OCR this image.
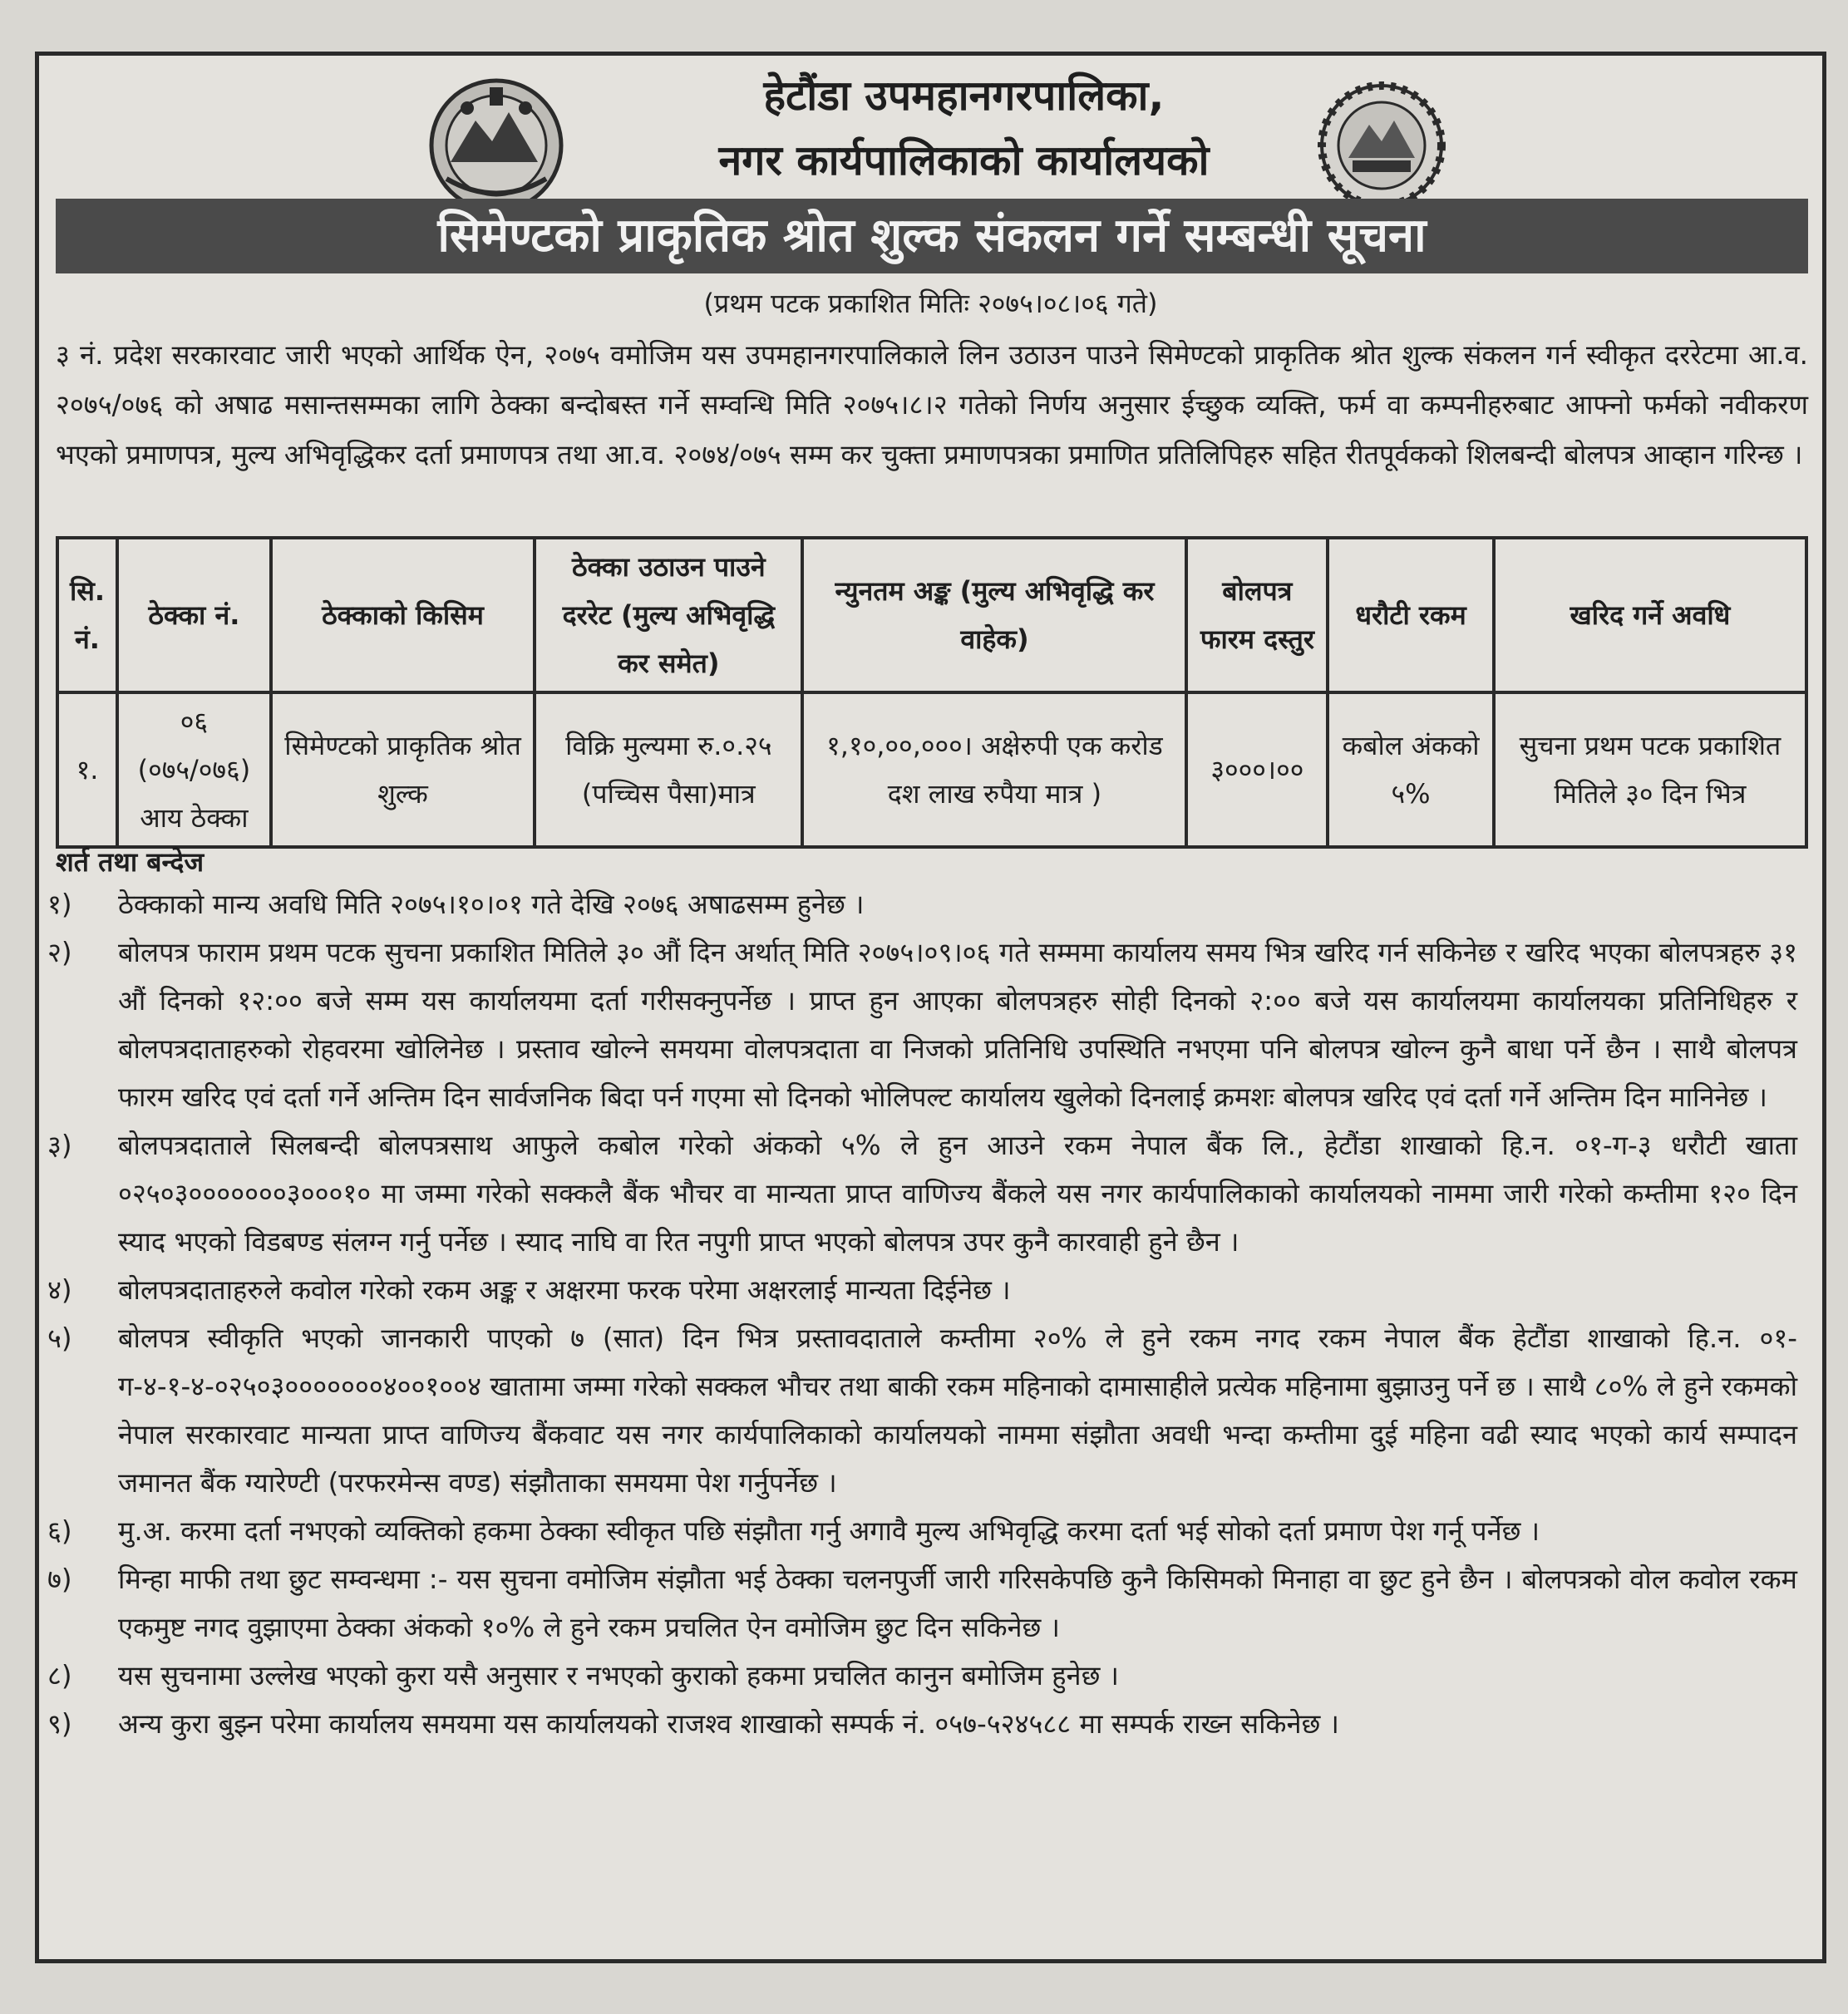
हेटौंडा उपमहानगरपालिका,
नगर कार्यपालिकाको कार्यालयको
सिमेण्टको प्राकृतिक श्रोत शुल्क संकलन गर्ने सम्बन्धी सूचना
(प्रथम पटक प्रकाशित मितिः २०७५।०८।०६ गते)
३ नं. प्रदेश सरकारवाट जारी भएको आर्थिक ऐन, २०७५ वमोजिम यस उपमहानगरपालिकाले लिन उठाउन पाउने सिमेण्टको प्राकृतिक श्रोत शुल्क संकलन गर्न स्वीकृत दररेटमा आ.व. २०७५/०७६ को अषाढ मसान्तसम्मका लागि ठेक्का बन्दोबस्त गर्ने सम्वन्धि मिति २०७५।८।२ गतेको निर्णय अनुसार ईच्छुक व्यक्ति, फर्म वा कम्पनीहरुबाट आफ्नो फर्मको नवीकरण भएको प्रमाणपत्र, मुल्य अभिवृद्धिकर दर्ता प्रमाणपत्र तथा आ.व. २०७४/०७५ सम्म कर चुक्ता प्रमाणपत्रका प्रमाणित प्रतिलिपिहरु सहित रीतपूर्वकको शिलबन्दी बोलपत्र आव्हान गरिन्छ ।
सि. नं.	ठेक्का नं.	ठेक्काको किसिम	ठेक्का उठाउन पाउने दररेट (मुल्य अभिवृद्धि कर समेत)	न्युनतम अङ्क (मुल्य अभिवृद्धि कर वाहेक)	बोलपत्र फारम दस्तुर	धरौटी रकम	खरिद गर्ने अवधि
१.	०६ (०७५/०७६) आय ठेक्का	सिमेण्टको प्राकृतिक श्रोत शुल्क	विक्रि मुल्यमा रु.०.२५ (पच्चिस पैसा)मात्र	१,१०,००,०००। अक्षेरुपी एक करोड दश लाख रुपैया मात्र )	३०००।००	कबोल अंकको ५%	सुचना प्रथम पटक प्रकाशित मितिले ३० दिन भित्र
शर्त तथा बन्देज
१)	ठेक्काको मान्य अवधि मिति २०७५।१०।०१ गते देखि २०७६ अषाढसम्म हुनेछ ।
२)	बोलपत्र फाराम प्रथम पटक सुचना प्रकाशित मितिले ३० औं दिन अर्थात् मिति २०७५।०९।०६ गते सम्ममा कार्यालय समय भित्र खरिद गर्न सकिनेछ र खरिद भएका बोलपत्रहरु ३१ औं दिनको १२:०० बजे सम्म यस कार्यालयमा दर्ता गरीसक्नुपर्नेछ । प्राप्त हुन आएका बोलपत्रहरु सोही दिनको २:०० बजे यस कार्यालयमा कार्यालयका प्रतिनिधिहरु र बोलपत्रदाताहरुको रोहवरमा खोलिनेछ । प्रस्ताव खोल्ने समयमा वोलपत्रदाता वा निजको प्रतिनिधि उपस्थिति नभएमा पनि बोलपत्र खोल्न कुनै बाधा पर्ने छैन । साथै बोलपत्र फारम खरिद एवं दर्ता गर्ने अन्तिम दिन सार्वजनिक बिदा पर्न गएमा सो दिनको भोलिपल्ट कार्यालय खुलेको दिनलाई क्रमशः बोलपत्र खरिद एवं दर्ता गर्ने अन्तिम दिन मानिनेछ ।
३)	बोलपत्रदाताले सिलबन्दी बोलपत्रसाथ आफुले कबोल गरेको अंकको ५% ले हुन आउने रकम नेपाल बैंक लि., हेटौंडा शाखाको हि.न. ०१-ग-३ धरौटी खाता ०२५०३०००००००३०००१० मा जम्मा गरेको सक्कलै बैंक भौचर वा मान्यता प्राप्त वाणिज्य बैंकले यस नगर कार्यपालिकाको कार्यालयको नाममा जारी गरेको कम्तीमा १२० दिन स्याद भएको विडबण्ड संलग्न गर्नु पर्नेछ । स्याद नाघि वा रित नपुगी प्राप्त भएको बोलपत्र उपर कुनै कारवाही हुने छैन ।
४)	बोलपत्रदाताहरुले कवोल गरेको रकम अङ्क र अक्षरमा फरक परेमा अक्षरलाई मान्यता दिईनेछ ।
५)	बोलपत्र स्वीकृति भएको जानकारी पाएको ७ (सात) दिन भित्र प्रस्तावदाताले कम्तीमा २०% ले हुने रकम नगद रकम नेपाल बैंक हेटौंडा शाखाको हि.न. ०१-ग-४-१-४-०२५०३०००००००४००१००४ खातामा जम्मा गरेको सक्कल भौचर तथा बाकी रकम महिनाको दामासाहीले प्रत्येक महिनामा बुझाउनु पर्ने छ । साथै ८०% ले हुने रकमको नेपाल सरकारवाट मान्यता प्राप्त वाणिज्य बैंकवाट यस नगर कार्यपालिकाको कार्यालयको नाममा संझौता अवधी भन्दा कम्तीमा दुई महिना वढी स्याद भएको कार्य सम्पादन जमानत बैंक ग्यारेण्टी (परफरमेन्स वण्ड) संझौताका समयमा पेश गर्नुपर्नेछ ।
६)	मु.अ. करमा दर्ता नभएको व्यक्तिको हकमा ठेक्का स्वीकृत पछि संझौता गर्नु अगावै मुल्य अभिवृद्धि करमा दर्ता भई सोको दर्ता प्रमाण पेश गर्नू पर्नेछ ।
७)	मिन्हा माफी तथा छुट सम्वन्धमा :- यस सुचना वमोजिम संझौता भई ठेक्का चलनपुर्जी जारी गरिसकेपछि कुनै किसिमको मिनाहा वा छुट हुने छैन । बोलपत्रको वोल कवोल रकम एकमुष्ट नगद वुझाएमा ठेक्का अंकको १०% ले हुने रकम प्रचलित ऐन वमोजिम छुट दिन सकिनेछ ।
८)	यस सुचनामा उल्लेख भएको कुरा यसै अनुसार र नभएको कुराको हकमा प्रचलित कानुन बमोजिम हुनेछ ।
९)	अन्य कुरा बुझ्न परेमा कार्यालय समयमा यस कार्यालयको राजश्व शाखाको सम्पर्क नं. ०५७-५२४५८८ मा सम्पर्क राख्न सकिनेछ ।
